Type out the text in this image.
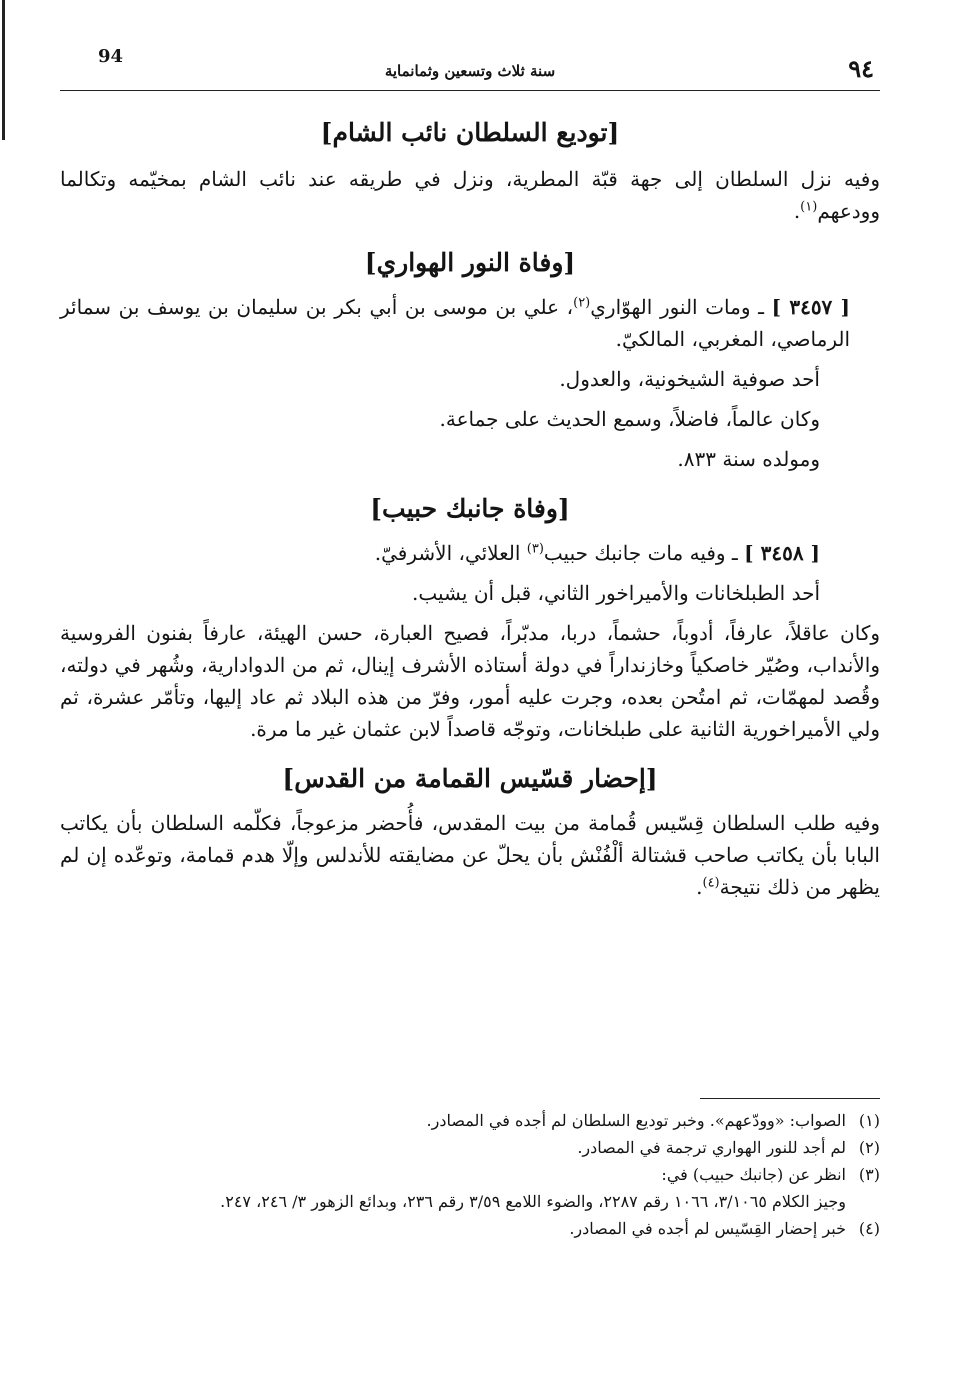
94
سنة ثلاث وتسعين وثمانماية	٩٤
[توديع السلطان نائب الشام]

وفيه نزل السلطان إلى جهة قبّة المطرية، ونزل في طريقه عند نائب الشام بمخيّمه وتكالما وودعهم$^{(١)}$.

[وفاة النور الهواري]

[ ٣٤٥٧ ] ـ ومات النور الهوّاري$^{(٢)}$، علي بن موسى بن أبي بكر بن سليمان بن يوسف بن سمائر الرماصي، المغربي، المالكيّ.

أحد صوفية الشيخونية، والعدول.

وكان عالماً، فاضلاً، وسمع الحديث على جماعة.

ومولده سنة ٨٣٣.

[وفاة جانبك حبيب]

[ ٣٤٥٨ ] ـ وفيه مات جانبك حبيب$^{(٣)}$ العلائي، الأشرفيّ.

أحد الطبلخانات والأميراخور الثاني، قبل أن يشيب.

وكان عاقلاً، عارفاً، أدوباً، حشماً، دربا، مدبّراً، فصيح العبارة، حسن الهيئة، عارفاً بفنون الفروسية والأنداب، وصُيّر خاصكياً وخازنداراً في دولة أستاذه الأشرف إينال، ثم من الدوادارية، وشُهر في دولته، وقُصد لمهمّات، ثم امتُحن بعده، وجرت عليه أمور، وفرّ من هذه البلاد ثم عاد إليها، وتأمّر عشرة، ثم ولي الأميراخورية الثانية على طبلخانات، وتوجّه قاصداً لابن عثمان غير ما مرة.

[إحضار قسّيس القمامة من القدس]

وفيه طلب السلطان قِسّيس قُمامة من بيت المقدس، فأُحضر مزعوجاً، فكلّمه السلطان بأن يكاتب البابا بأن يكاتب صاحب قشتالة ألْفُنْش بأن يحلّ عن مضايقته للأندلس وإلّا هدم قمامة، وتوعّده إن لم يظهر من ذلك نتيجة$^{(٤)}$.

(١)الصواب: «وودّعهم». وخبر توديع السلطان لم أجده في المصادر.

(٢)لم أجد للنور الهواري ترجمة في المصادر.

(٣)انظر عن (جانبك حبيب) في:

وجيز الكلام ٣/١٠٦٥، ١٠٦٦ رقم ٢٢٨٧، والضوء اللامع ٣/٥٩ رقم ٢٣٦، وبدائع الزهور ٣/ ٢٤٦، ٢٤٧.

(٤)خبر إحضار القِسّيس لم أجده في المصادر.
